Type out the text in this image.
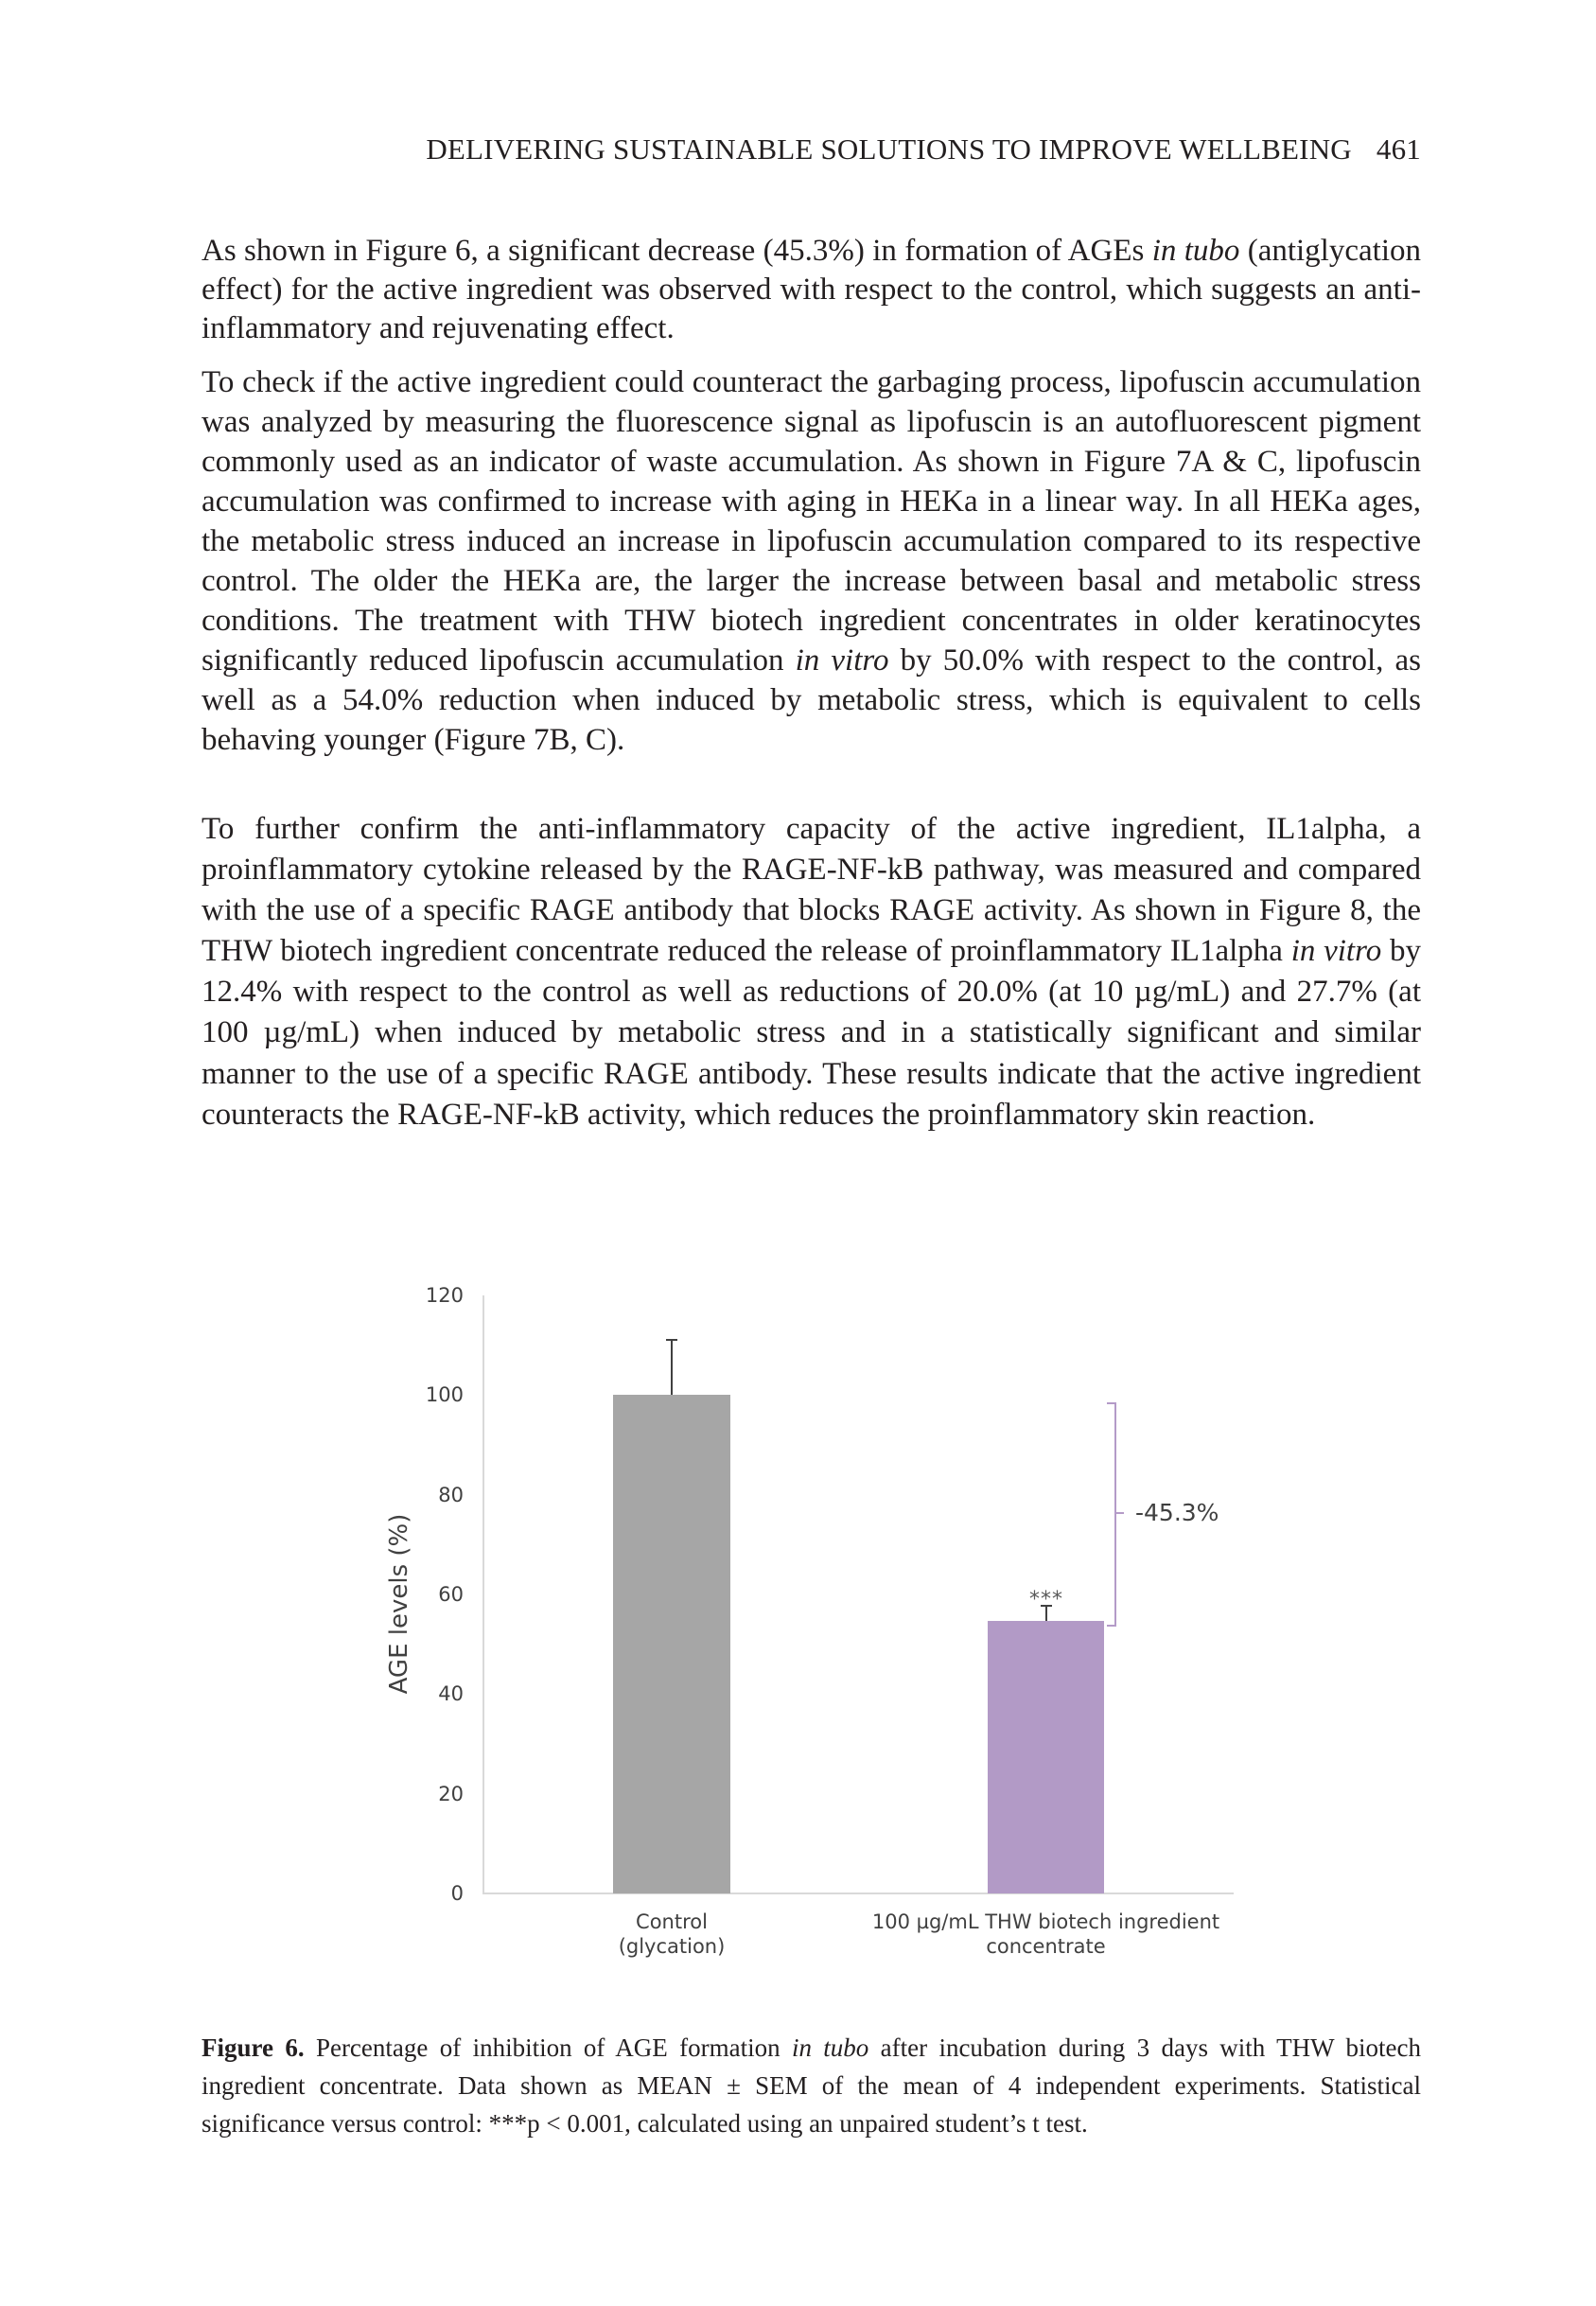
DELIVERING SUSTAINABLE SOLUTIONS TO IMPROVE WELLBEING 461

As shown in Figure 6, a significant decrease (45.3%) in formation of AGEs in tubo (antiglycation effect) for the active ingredient was observed with respect to the control, which suggests an anti-inflammatory and rejuvenating effect.

To check if the active ingredient could counteract the garbaging process, lipofuscin accumulation was analyzed by measuring the fluorescence signal as lipofuscin is an autofluorescent pigment commonly used as an indicator of waste accumulation. As shown in Figure 7A & C, lipofuscin accumulation was confirmed to increase with aging in HEKa in a linear way. In all HEKa ages, the metabolic stress induced an increase in lipofuscin accumulation compared to its respective control. The older the HEKa are, the larger the increase between basal and metabolic stress conditions. The treatment with THW biotech ingredient concentrates in older keratinocytes significantly reduced lipofuscin accumulation in vitro by 50.0% with respect to the control, as well as a 54.0% reduction when induced by metabolic stress, which is equivalent to cells behaving younger (Figure 7B, C).

To further confirm the anti-inflammatory capacity of the active ingredient, IL1alpha, a proinflammatory cytokine released by the RAGE-NF-kB pathway, was measured and compared with the use of a specific RAGE antibody that blocks RAGE activity. As shown in Figure 8, the THW biotech ingredient concentrate reduced the release of proinflammatory IL1alpha in vitro by 12.4% with respect to the control as well as reductions of 20.0% (at 10 µg/mL) and 27.7% (at 100 µg/mL) when induced by metabolic stress and in a statistically significant and similar manner to the use of a specific RAGE antibody. These results indicate that the active ingredient counteracts the RAGE-NF-kB activity, which reduces the proinflammatory skin reaction.

AGE levels (%)
0
20
40
60
80
100
120
***
-45.3%
Control
(glycation)
100 µg/mL THW biotech ingredient
concentrate
Figure 6. Percentage of inhibition of AGE formation in tubo after incubation during 3 days with THW biotech ingredient concentrate. Data shown as MEAN ± SEM of the mean of 4 independent experiments. Statistical significance versus control: ***p < 0.001, calculated using an unpaired student’s t test.
